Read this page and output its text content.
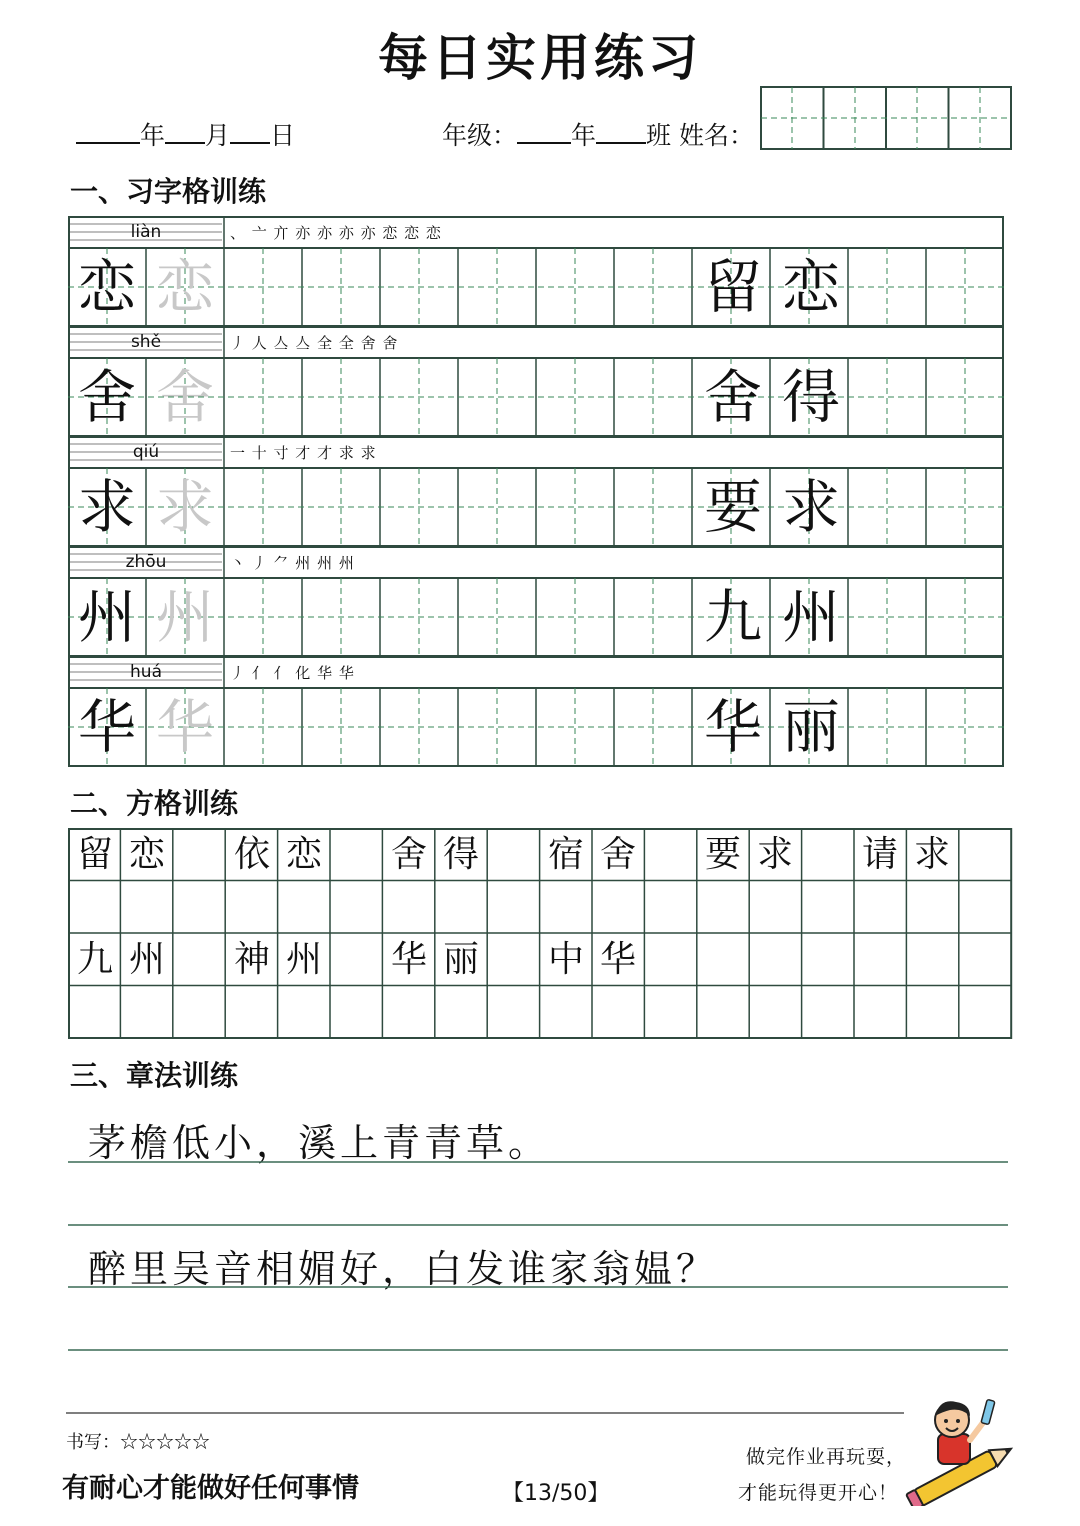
每日实用练习
年 月 日	年级： 年 班 姓名：
一、习字格训练
liàn	、 亠 亣 亦 亦 亦 亦 恋 恋 恋
shě	丿 人 亼 亼 全 全 舍 舍
qiú	一 十 寸 才 才 求 求
zhōu	丶 丿 ⺈ 州 州 州
huá	丿 亻 亻 化 华 华
恋 恋	留 恋
舍 舍	舍 得
求 求	要 求
州 州	九 州
华 华	华 丽
二、方格训练
留 恋 依 恋 舍 得 宿 舍 要 求 请 求
九 州 神 州 华 丽 中 华
三、章法训练
茅檐低小，溪上青青草。
醉里吴音相媚好，白发谁家翁媪？
书写：☆☆☆☆☆
有耐心才能做好任何事情	【13/50】
做完作业再玩耍，
才能玩得更开心！
